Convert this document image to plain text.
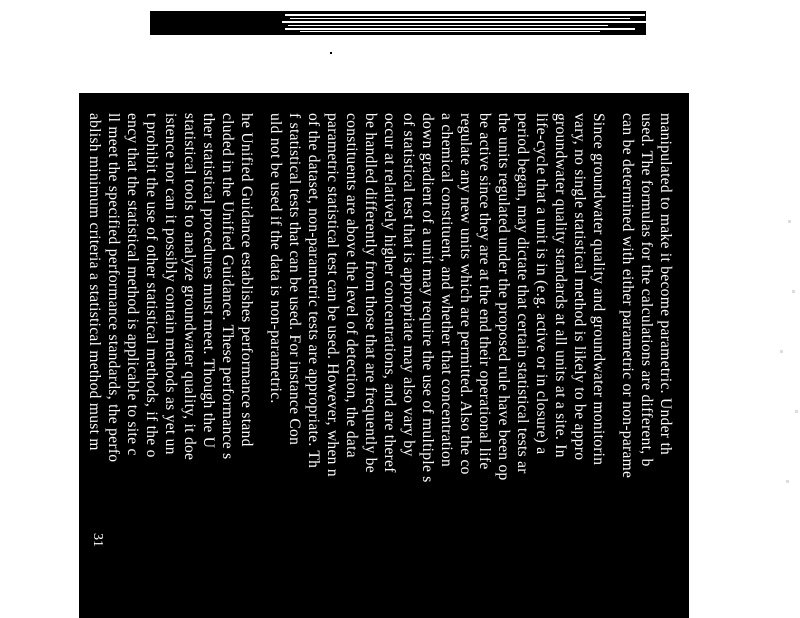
manipulated to make it become parametric. Under th
used. The formulas for the calculations are different, b
can be determined with either parametric or non-parame
Since groundwater quality and groundwater monitorin
vary, no single statistical method is likely to be appro
groundwater quality standards at all units at a site. In
life-cycle that a unit is in (e.g. active or in closure) a
period began, may dictate that certain statistical tests ar
the units regulated under the proposed rule have been op
be active since they are at the end their operational life
regulate any new units which are permitted. Also the co
a chemical constituent, and whether that concentration
down gradient of a unit may require the use of multiple s
of statistical test that is appropriate may also vary by
occur at relatively higher concentrations, and are theref
be handled differently from those that are frequently be
constituents are above the level of detection, the data
parametric statistical test can be used. However, when n
of the dataset, non-parametric tests are appropriate. Th
f statistical tests that can be used. For instance Con
uld not be used if the data is non-parametric.
he Unified Guidance establishes performance stand
cluded in the Unified Guidance. These performance s
ther statistical procedures must meet. Though the U
statistical tools to analyze groundwater quality, it doe
istence nor can it possibly contain methods as yet un
t prohibit the use of other statistical methods, if the o
ency that the statistical method is applicable to site c
ll meet the specified performance standards, the perfo
ablish minimum criteria a statistical method must m
31
